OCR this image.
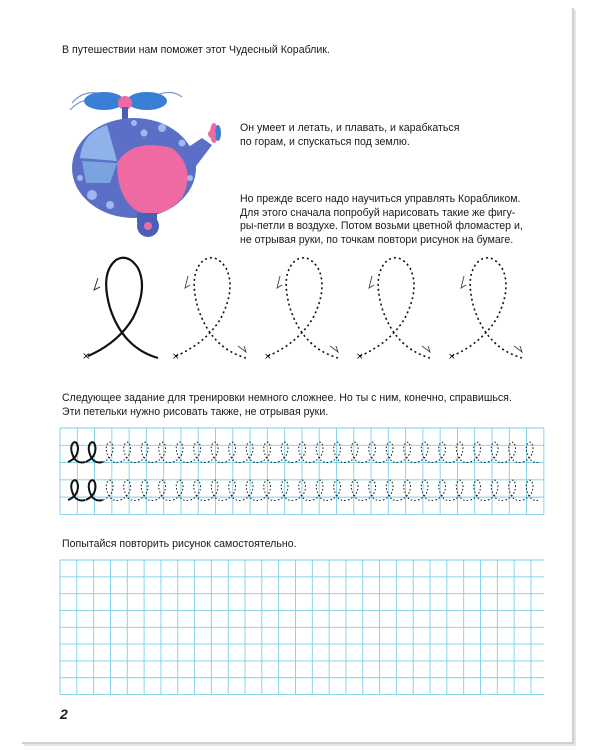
В путешествии нам поможет этот Чудесный Кораблик.
Он умеет и летать, и плавать, и карабкаться
по горам, и спускаться под землю.
Но прежде всего надо научиться управлять Корабликом.
Для этого сначала попробуй нарисовать такие же фигу-
ры-петли в воздухе. Потом возьми цветной фломастер и,
не отрывая руки, по точкам повтори рисунок на бумаге.
×	×	×	×	×
Следующее задание для тренировки немного сложнее. Но ты с ним, конечно, справишься.
Эти петельки нужно рисовать также, не отрывая руки.
Попытайся повторить рисунок самостоятельно.
2
